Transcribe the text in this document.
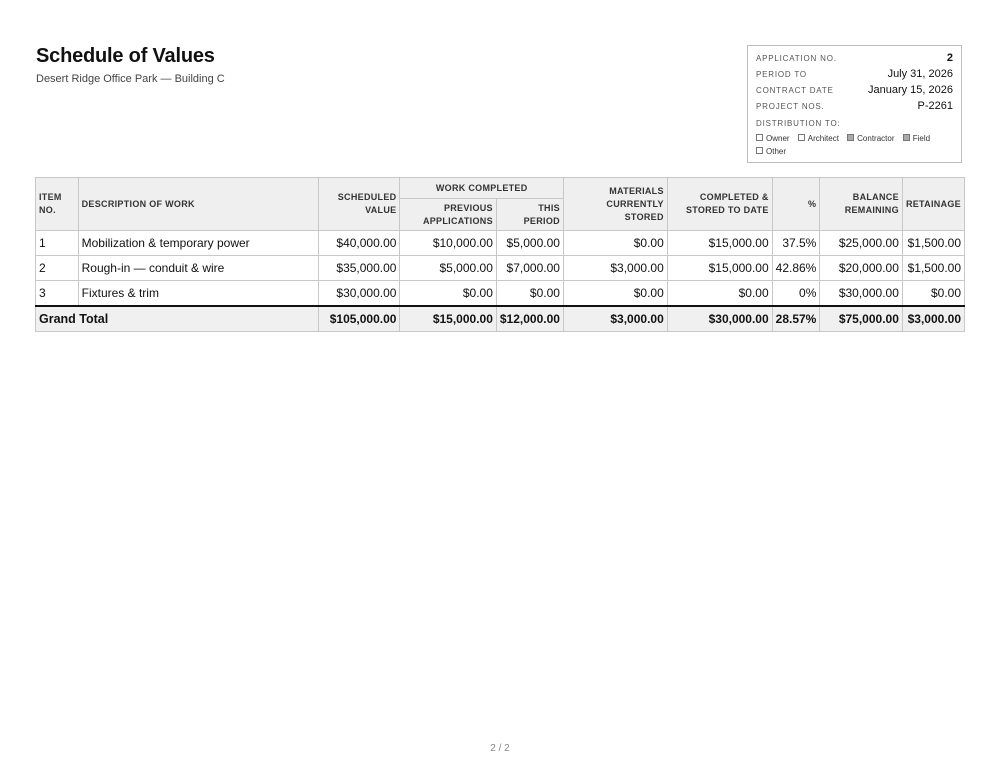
Schedule of Values
Desert Ridge Office Park — Building C
APPLICATION NO.	2
PERIOD TO	July 31, 2026
CONTRACT DATE	January 15, 2026
PROJECT NOS.	P-2261
DISTRIBUTION TO:
Owner Architect Contractor Field
Other
ITEM NO.	DESCRIPTION OF WORK	SCHEDULED VALUE	WORK COMPLETED		MATERIALS CURRENTLY STORED	COMPLETED & STORED TO DATE	%	BALANCE REMAINING	RETAINAGE
			PREVIOUS APPLICATIONS	THIS PERIOD					
1	Mobilization & temporary power	$40,000.00	$10,000.00	$5,000.00	$0.00	$15,000.00	37.5%	$25,000.00	$1,500.00
2	Rough-in — conduit & wire	$35,000.00	$5,000.00	$7,000.00	$3,000.00	$15,000.00	42.86%	$20,000.00	$1,500.00
3	Fixtures & trim	$30,000.00	$0.00	$0.00	$0.00	$0.00	0%	$30,000.00	$0.00
Grand Total		$105,000.00	$15,000.00	$12,000.00	$3,000.00	$30,000.00	28.57%	$75,000.00	$3,000.00
2 / 2
